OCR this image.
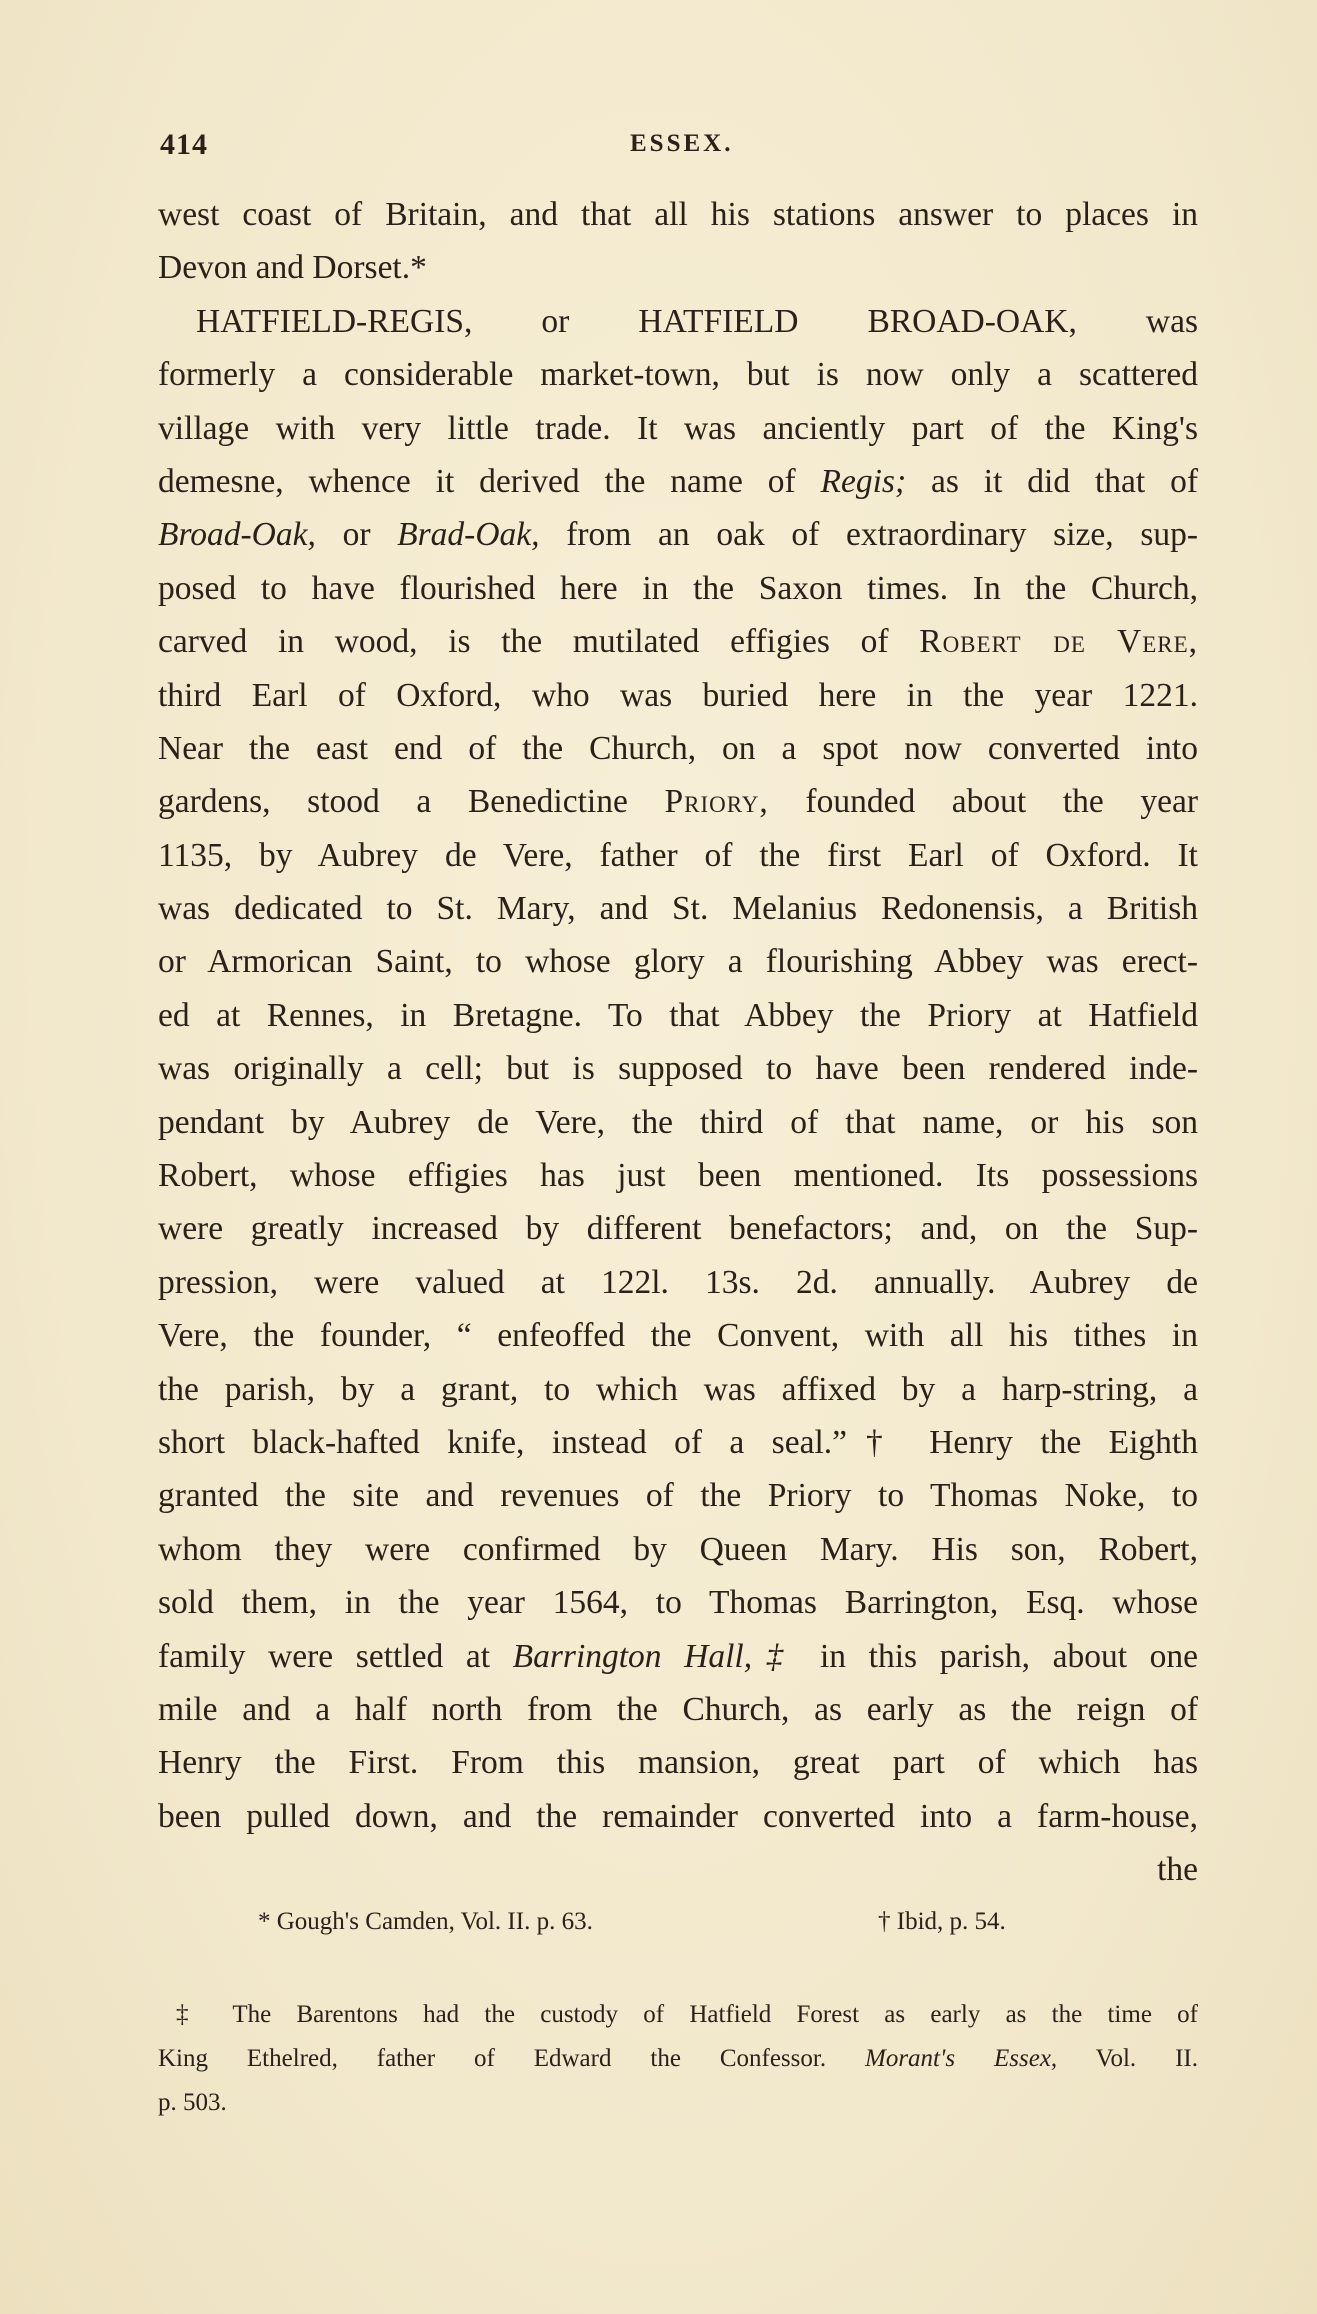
414	ESSEX.
west coast of Britain, and that all his stations answer to places in
Devon and Dorset.*
HATFIELD-REGIS, or HATFIELD BROAD-OAK, was
formerly a considerable market-town, but is now only a scattered
village with very little trade. It was anciently part of the King's
demesne, whence it derived the name of Regis; as it did that of
Broad-Oak, or Brad-Oak, from an oak of extraordinary size, sup-
posed to have flourished here in the Saxon times. In the Church,
carved in wood, is the mutilated effigies of Robert de Vere,
third Earl of Oxford, who was buried here in the year 1221.
Near the east end of the Church, on a spot now converted into
gardens, stood a Benedictine Priory, founded about the year
1135, by Aubrey de Vere, father of the first Earl of Oxford. It
was dedicated to St. Mary, and St. Melanius Redonensis, a British
or Armorican Saint, to whose glory a flourishing Abbey was erect-
ed at Rennes, in Bretagne. To that Abbey the Priory at Hatfield
was originally a cell; but is supposed to have been rendered inde-
pendant by Aubrey de Vere, the third of that name, or his son
Robert, whose effigies has just been mentioned. Its possessions
were greatly increased by different benefactors; and, on the Sup-
pression, were valued at 122l. 13s. 2d. annually. Aubrey de
Vere, the founder, “ enfeoffed the Convent, with all his tithes in
the parish, by a grant, to which was affixed by a harp-string, a
short black-hafted knife, instead of a seal.”† Henry the Eighth
granted the site and revenues of the Priory to Thomas Noke, to
whom they were confirmed by Queen Mary. His son, Robert,
sold them, in the year 1564, to Thomas Barrington, Esq. whose
family were settled at Barrington Hall,‡ in this parish, about one
mile and a half north from the Church, as early as the reign of
Henry the First. From this mansion, great part of which has
been pulled down, and the remainder converted into a farm-house,
the
* Gough's Camden, Vol. II. p. 63.	† Ibid, p. 54.
‡ The Barentons had the custody of Hatfield Forest as early as the time of
King Ethelred, father of Edward the Confessor. Morant's Essex, Vol. II.
p. 503.
